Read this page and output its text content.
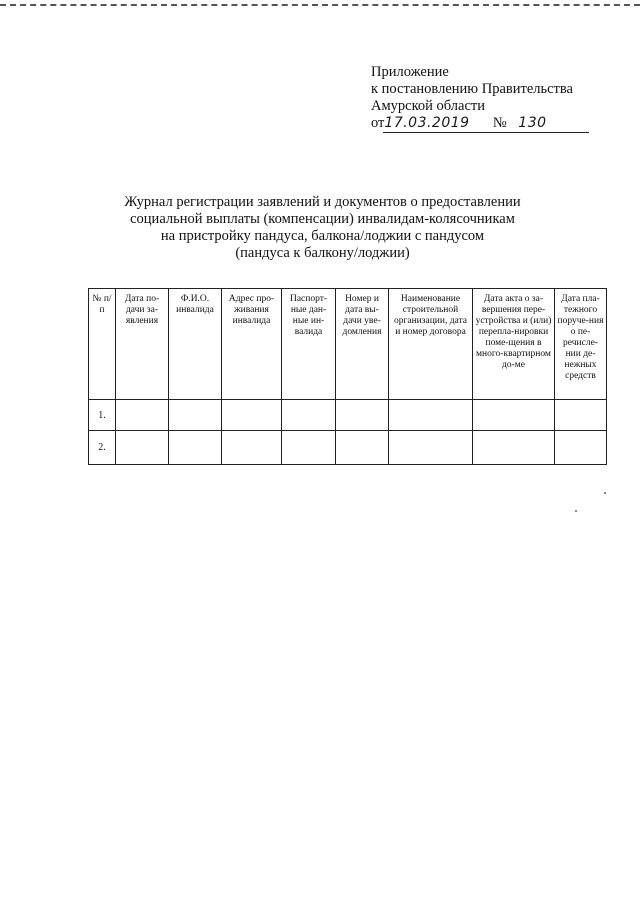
Приложение
к постановлению Правительства
Амурской области
от17.03.2019 № 130
Журнал регистрации заявлений и документов о предоставлении
социальной выплаты (компенсации) инвалидам-колясочникам
на пристройку пандуса, балкона/лоджии с пандусом
(пандуса к балкону/лоджии)
№ п/п	Дата по-дачи за-явления	Ф.И.О. инвалида	Адрес про-живания инвалида	Паспорт-ные дан-ные ин-валида	Номер и дата вы-дачи уве-домления	Наименование строительной организации, дата и номер договора	Дата акта о за-вершения пере-устройства и (или) перепла-нировки поме-щения в много-квартирном до-ме	Дата пла-тежного поруче-ния о пе-речисле-нии де-нежных средств
1.								
2.								
